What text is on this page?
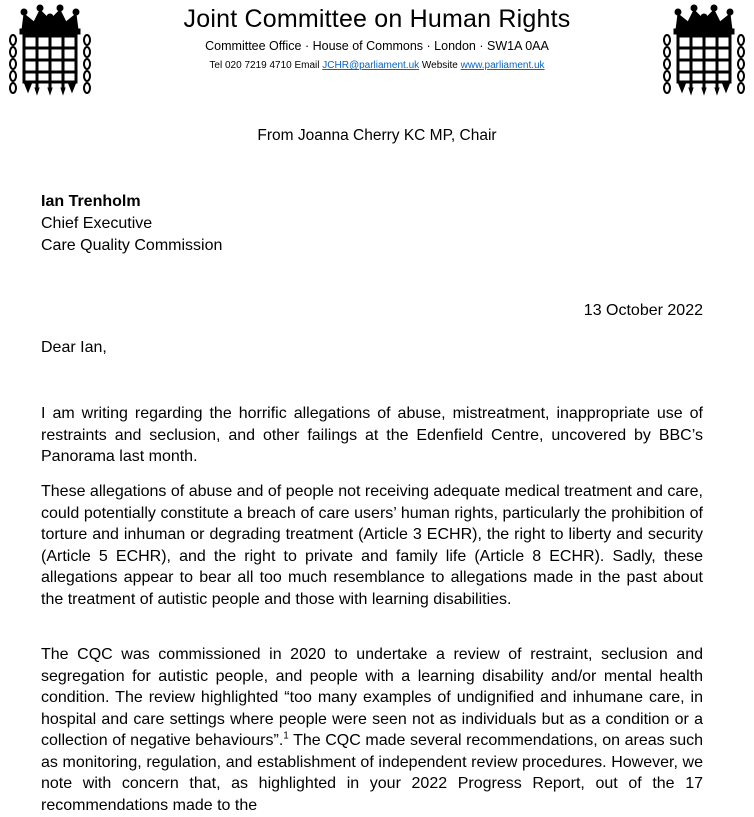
Joint Committee on Human Rights
Committee Office · House of Commons · London · SW1A 0AA
Tel 020 7219 4710 Email JCHR@parliament.uk Website www.parliament.uk
From Joanna Cherry KC MP, Chair
Ian Trenholm
Chief Executive
Care Quality Commission
13 October 2022
Dear Ian,
I am writing regarding the horrific allegations of abuse, mistreatment, inappropriate use of restraints and seclusion, and other failings at the Edenfield Centre, uncovered by BBC’s Panorama last month.
These allegations of abuse and of people not receiving adequate medical treatment and care, could potentially constitute a breach of care users’ human rights, particularly the prohibition of torture and inhuman or degrading treatment (Article 3 ECHR), the right to liberty and security (Article 5 ECHR), and the right to private and family life (Article 8 ECHR). Sadly, these allegations appear to bear all too much resemblance to allegations made in the past about the treatment of autistic people and those with learning disabilities.
The CQC was commissioned in 2020 to undertake a review of restraint, seclusion and segregation for autistic people, and people with a learning disability and/or mental health condition. The review highlighted “too many examples of undignified and inhumane care, in hospital and care settings where people were seen not as individuals but as a condition or a collection of negative behaviours”.$^1$ The CQC made several recommendations, on areas such as monitoring, regulation, and establishment of independent review procedures. However, we note with concern that, as highlighted in your 2022 Progress Report, out of the 17 recommendations made to the
